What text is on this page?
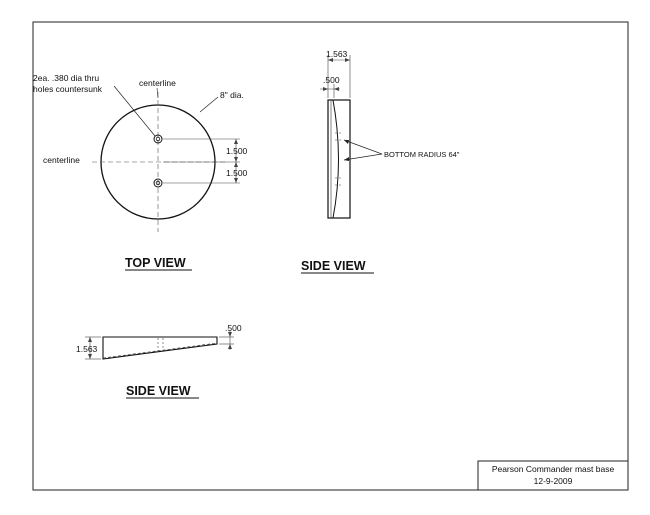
2ea. .380 dia thru
holes countersunk
centerline
centerline
8" dia.
1.500
1.500
TOP VIEW
1.563
.500
BOTTOM RADIUS 64"
SIDE VIEW
1.563
.500
SIDE VIEW
Pearson Commander mast base
12-9-2009
